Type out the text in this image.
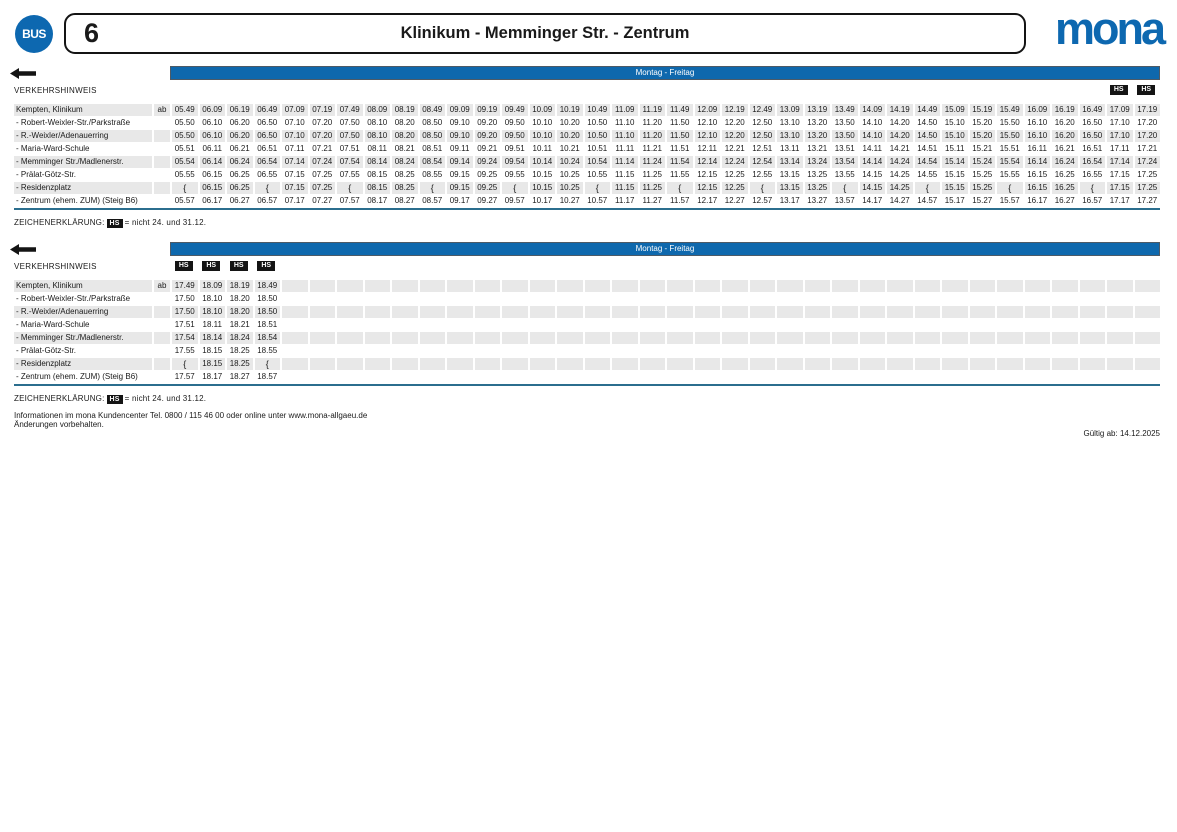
BUS 6	Klinikum - Memminger Str. - Zentrum	mona
Montag - Freitag
VERKEHRSHINWEIS	HS	HS
Kempten, Klinikum	ab	05.49 06.09 06.19 06.49 07.09 07.19 07.49 08.09 08.19 08.49 09.09 09.19 09.49 10.09 10.19 10.49 11.09	11.19	11.49 12.09 12.19 12.49 13.09 13.19 13.49 14.09 14.19 14.49 15.09 15.19 15.49 16.09 16.19 16.49 17.09 17.19
- Robert-Weixler-Str./Parkstraße	05.50 06.10 06.20 06.50 07.10 07.20 07.50 08.10 08.20 08.50 09.10 09.20 09.50 10.10 10.20 10.50 11.10	11.20	11.50 12.10 12.20 12.50 13.10 13.20 13.50 14.10 14.20 14.50 15.10 15.20 15.50 16.10 16.20 16.50 17.10 17.20
- R.-Weixler/Adenauerring	05.50 06.10 06.20 06.50 07.10 07.20 07.50 08.10 08.20 08.50 09.10 09.20 09.50 10.10 10.20 10.50 11.10	11.20	11.50 12.10 12.20 12.50 13.10 13.20 13.50 14.10 14.20 14.50 15.10 15.20 15.50 16.10 16.20 16.50 17.10 17.20
- Maria-Ward-Schule	05.51 06.11 06.21 06.51 07.11 07.21 07.51 08.11 08.21 08.51 09.11 09.21 09.51 10.11 10.21 10.51	11.11	11.21	11.51	12.11 12.21 12.51 13.11 13.21 13.51 14.11 14.21 14.51 15.11 15.21 15.51 16.11 16.21 16.51 17.11 17.21
- Memminger Str./Madlenerstr.	05.54 06.14 06.24 06.54 07.14 07.24 07.54 08.14 08.24 08.54 09.14 09.24 09.54 10.14 10.24 10.54 11.14	11.24	11.54 12.14 12.24 12.54 13.14 13.24 13.54 14.14 14.24 14.54 15.14 15.24 15.54 16.14 16.24 16.54 17.14 17.24
- Prälat-Götz-Str.	05.55 06.15 06.25 06.55 07.15 07.25 07.55 08.15 08.25 08.55 09.15 09.25 09.55 10.15 10.25 10.55 11.15	11.25	11.55 12.15 12.25 12.55 13.15 13.25 13.55 14.15 14.25 14.55 15.15 15.25 15.55 16.15 16.25 16.55 17.15 17.25
- Residenzplatz	{	06.15 06.25	{	07.15 07.25	{	08.15 08.25	{	09.15 09.25	{	10.15 10.25	{	11.15	11.25	{	12.15 12.25	{	13.15 13.25	{	14.15 14.25	{	15.15 15.25	{	16.15 16.25	{	17.15 17.25
- Zentrum (ehem. ZUM) (Steig B6)	05.57 06.17 06.27 06.57 07.17 07.27 07.57 08.17 08.27 08.57 09.17 09.27 09.57 10.17 10.27 10.57 11.17	11.27	11.57 12.17 12.27 12.57 13.17 13.27 13.57 14.17 14.27 14.57 15.17 15.27 15.57 16.17 16.27 16.57 17.17 17.27
ZEICHENERKLÄRUNG: HS = nicht 24. und 31.12.
Montag - Freitag
VERKEHRSHINWEIS	HS	HS	HS	HS
Kempten, Klinikum	ab	17.49 18.09 18.19 18.49
- Robert-Weixler-Str./Parkstraße	17.50 18.10 18.20 18.50
- R.-Weixler/Adenauerring	17.50 18.10 18.20 18.50
- Maria-Ward-Schule	17.51 18.11 18.21 18.51
- Memminger Str./Madlenerstr.	17.54 18.14 18.24 18.54
- Prälat-Götz-Str.	17.55 18.15 18.25 18.55
- Residenzplatz	{	18.15 18.25	{
- Zentrum (ehem. ZUM) (Steig B6)	17.57 18.17 18.27 18.57
ZEICHENERKLÄRUNG: HS = nicht 24. und 31.12.
Informationen im mona Kundencenter Tel. 0800 / 115 46 00 oder online unter www.mona-allgaeu.de
Änderungen vorbehalten.
Gültig ab: 14.12.2025
